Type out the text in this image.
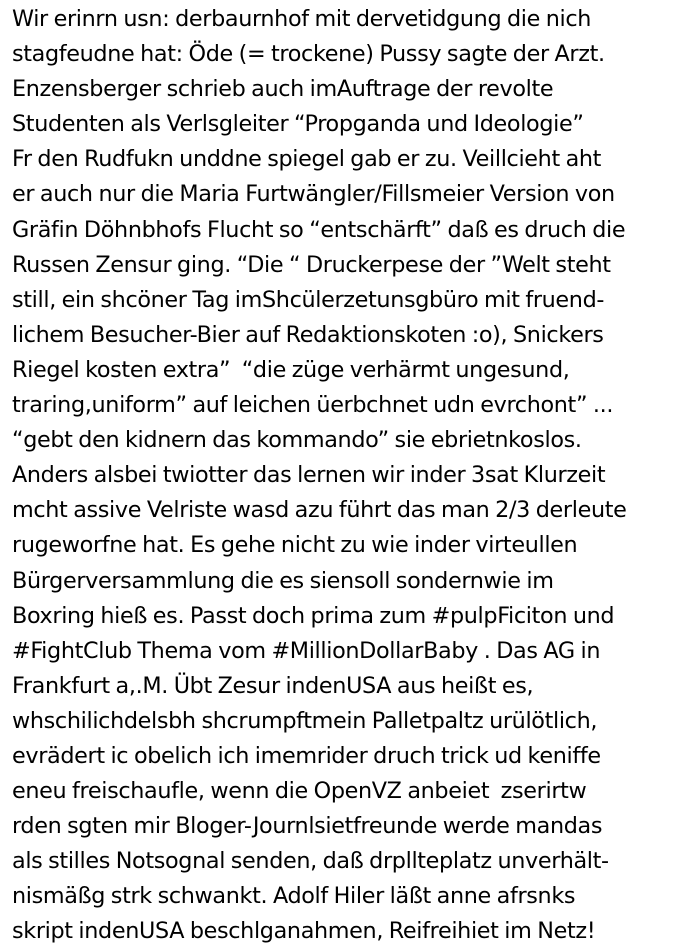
Wir erinrn usn: derbaurnhof mit dervetidgung die nich
stagfeudne hat: Öde (= trockene) Pussy sagte der Arzt.
Enzensberger schrieb auch imAuftrage der revolte
Studenten als Verlsgleiter “Propganda und Ideologie”
Fr den Rudfukn unddne spiegel gab er zu. Veillcieht aht
er auch nur die Maria Furtwängler/Fillsmeier Version von
Gräfin Döhnbhofs Flucht so “entschärft” daß es druch die
Russen Zensur ging. “Die “ Druckerpese der ”Welt steht
still, ein shcöner Tag imShcülerzetunsgbüro mit fruend-
lichem Besucher-Bier auf Redaktionskoten :o), Snickers
Riegel kosten extra”  “die züge verhärmt ungesund,
traring,uniform” auf leichen üerbchnet udn evrchont” ...
“gebt den kidnern das kommando” sie ebrietnkoslos.
Anders alsbei twiotter das lernen wir inder 3sat Klurzeit
mcht assive Velriste wasd azu führt das man 2/3 derleute
rugeworfne hat. Es gehe nicht zu wie inder virteullen
Bürgerversammlung die es siensoll sondernwie im
Boxring hieß es. Passt doch prima zum #pulpFiciton und
#FightClub Thema vom #MillionDollarBaby . Das AG in
Frankfurt a,.M. Übt Zesur indenUSA aus heißt es,
whschilichdelsbh shcrumpftmein Palletpaltz urülötlich,
evrädert ic obelich ich imemrider druch trick ud keniffe
eneu freischaufle, wenn die OpenVZ anbeiet  zserirtw
rden sgten mir Bloger-Journlsietfreunde werde mandas
als stilles Notsognal senden, daß drpllteplatz unverhält-
nismäßg strk schwankt. Adolf Hiler läßt anne afrsnks
skript indenUSA beschlganahmen, Reifreihiet im Netz!
